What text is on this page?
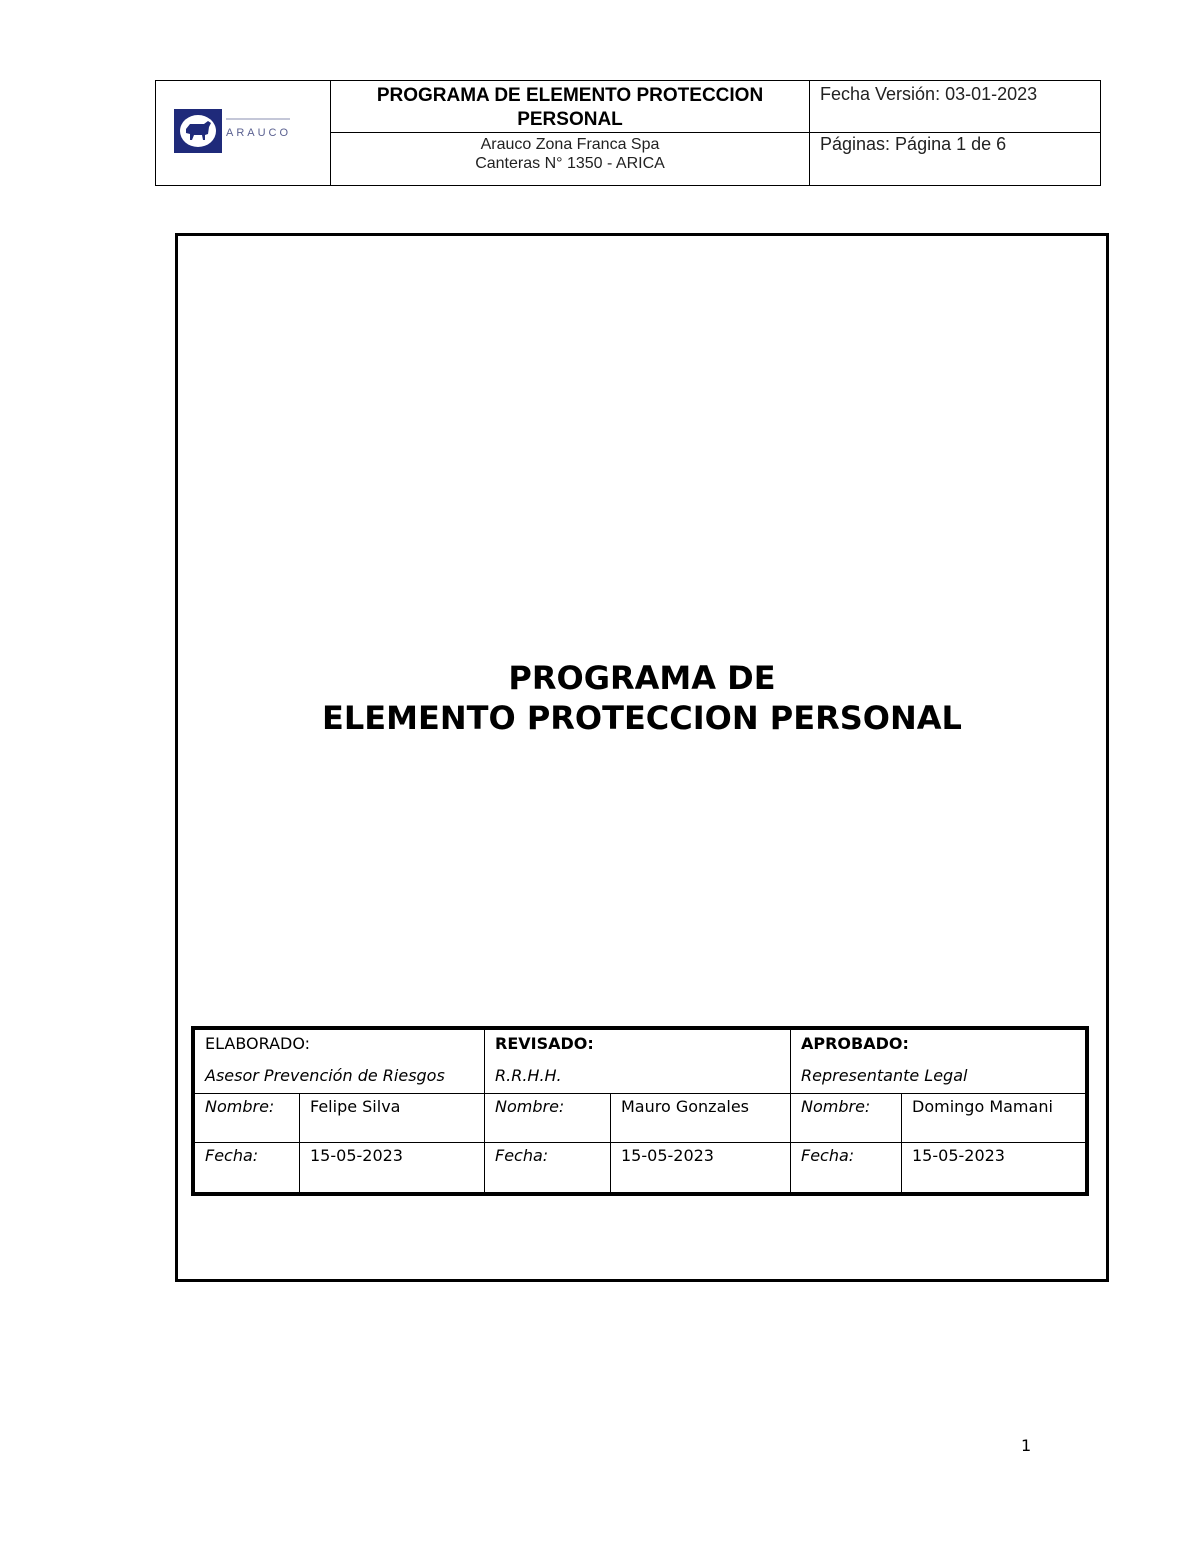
ARAUCO
PROGRAMA DE ELEMENTO PROTECCION
PERSONAL
Arauco Zona Franca Spa
Canteras N° 1350 - ARICA
Fecha Versión: 03-01-2023
Páginas: Página 1 de 6
PROGRAMA DE
ELEMENTO PROTECCION PERSONAL
ELABORADO:
Asesor Prevención de Riesgos
Nombre: Felipe Silva
Fecha:	15-05-2023
REVISADO:
R.R.H.H.
Nombre:	Mauro Gonzales
Fecha:	15-05-2023
APROBADO:
Representante Legal
Nombre:	Domingo Mamani
Fecha:	15-05-2023
1
